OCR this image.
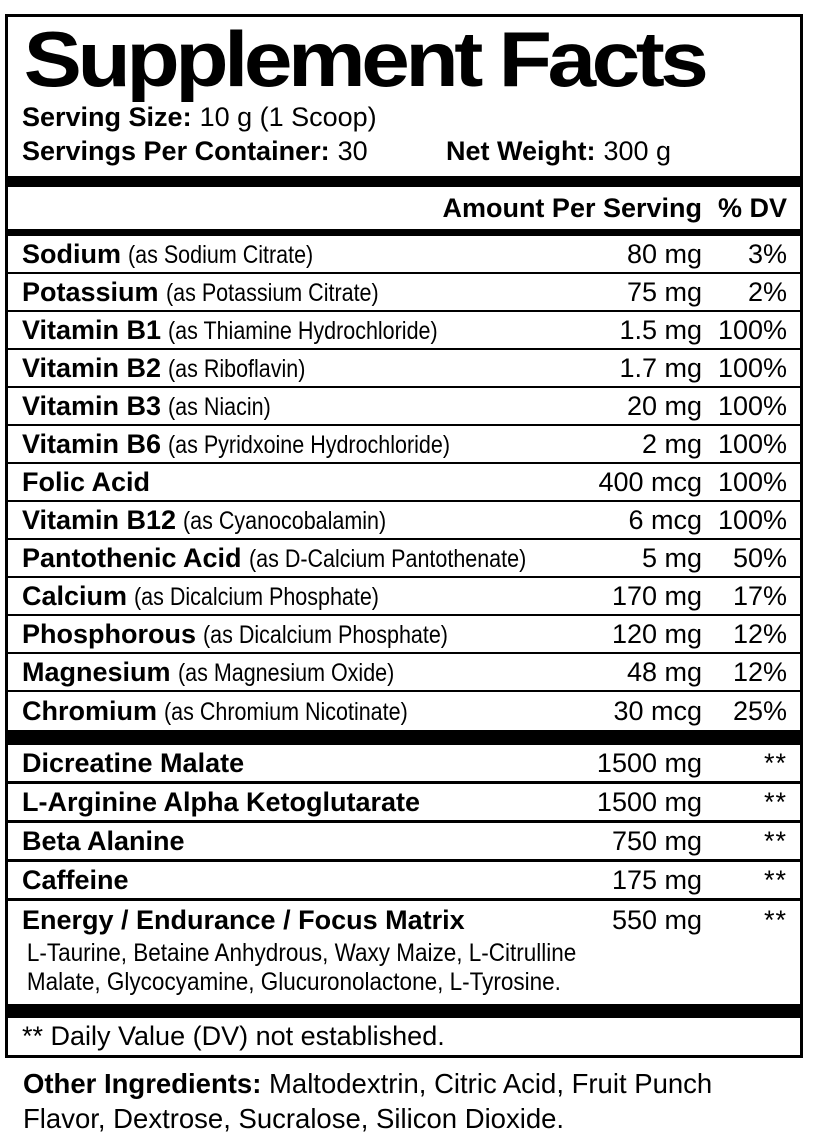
Supplement Facts
Serving Size: 10 g (1 Scoop)
Servings Per Container: 30	Net Weight: 300 g
Amount Per Serving % DV
Sodium (as Sodium Citrate)	80 mg	3%
Potassium (as Potassium Citrate)	75 mg	2%
Vitamin B1 (as Thiamine Hydrochloride)	1.5 mg 100%
Vitamin B2 (as Riboflavin)	1.7 mg 100%
Vitamin B3 (as Niacin)	20 mg 100%
Vitamin B6 (as Pyridxoine Hydrochloride)	2 mg 100%
Folic Acid	400 mcg 100%
Vitamin B12 (as Cyanocobalamin)	6 mcg 100%
Pantothenic Acid (as D-Calcium Pantothenate)	5 mg	50%
Calcium (as Dicalcium Phosphate)	170 mg	17%
Phosphorous (as Dicalcium Phosphate)	120 mg	12%
Magnesium (as Magnesium Oxide)	48 mg	12%
Chromium (as Chromium Nicotinate)	30 mcg	25%
Dicreatine Malate	1500 mg	**
L-Arginine Alpha Ketoglutarate	1500 mg	**
Beta Alanine	750 mg	**
Caffeine	175 mg	**
Energy / Endurance / Focus Matrix	550 mg	**
L-Taurine, Betaine Anhydrous, Waxy Maize, L-Citrulline Malate, Glycocyamine, Glucuronolactone, L-Tyrosine.
** Daily Value (DV) not established.
Other Ingredients: Maltodextrin, Citric Acid, Fruit Punch Flavor, Dextrose, Sucralose, Silicon Dioxide.
